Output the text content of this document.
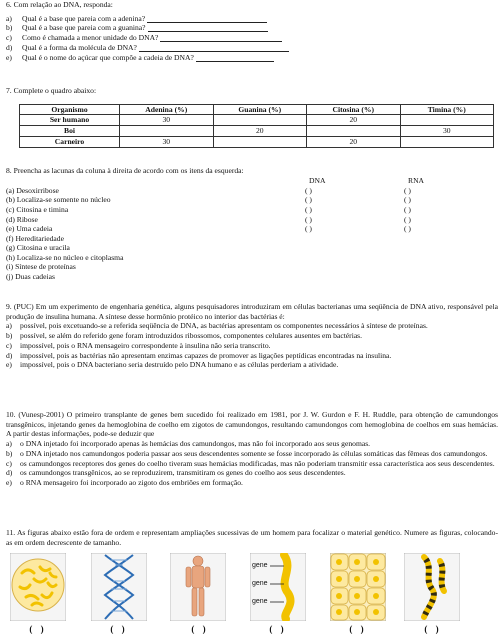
6. Com relação ao DNA, responda:

a)	Qual é a base que pareia com a adenina?
b)	Qual é a base que pareia com a guanina?
c)	Como é chamada a menor unidade do DNA?
d)	Qual é a forma da molécula de DNA?
e)	Qual é o nome do açúcar que compõe a cadeia de DNA?

7. Complete o quadro abaixo:

Organismo	Adenina (%)	Guanina (%)	Citosina (%)	Timina (%)
Ser humano	30		20	
Boi		20		30
Carneiro	30		20	

8. Preencha as lacunas da coluna à direita de acordo com os itens da esquerda:

DNA	RNA
(a) Desoxirribose	( )	( )
(b) Localiza-se somente no núcleo	( )	( )
(c) Citosina e timina	( )	( )
(d) Ribose	( )	( )
(e) Uma cadeia	( )	( )
(f) Hereditariedade
(g) Citosina e uracila
(h) Localiza-se no núcleo e citoplasma
(i) Síntese de proteínas
(j) Duas cadeias

9. (PUC) Em um experimento de engenharia genética, alguns pesquisadores introduziram em células bacterianas uma seqüência de DNA ativo, responsável pela produção de insulina humana. A síntese desse hormônio protéico no interior das bactérias é:

a)	possível, pois excetuando-se a referida seqüência de DNA, as bactérias apresentam os componentes necessários à síntese de proteínas.
b)	possível, se além do referido gene foram introduzidos ribossomos, componentes celulares ausentes em bactérias.
c)	impossível, pois o RNA mensageiro correspondente à insulina não seria transcrito.
d)	impossível, pois as bactérias não apresentam enzimas capazes de promover as ligações peptídicas encontradas na insulina.
e)	impossível, pois o DNA bacteriano seria destruído pelo DNA humano e as células perderiam a atividade.

10. (Vunesp-2001) O primeiro transplante de genes bem sucedido foi realizado em 1981, por J. W. Gurdon e F. H. Ruddle, para obtenção de camundongos transgênicos, injetando genes da hemoglobina de coelho em zigotos de camundongos, resultando camundongos com hemoglobina de coelhos em suas hemácias. A partir destas informações, pode-se deduzir que

a)	o DNA injetado foi incorporado apenas às hemácias dos camundongos, mas não foi incorporado aos seus genomas.
b)	o DNA injetado nos camundongos poderia passar aos seus descendentes somente se fosse incorporado às células somáticas das fêmeas dos camundongos.
c)	os camundongos receptores dos genes do coelho tiveram suas hemácias modificadas, mas não poderiam transmitir essa característica aos seus descendentes.
d)	os camundongos transgênicos, ao se reproduzirem, transmitiram os genes do coelho aos seus descendentes.
e)	o RNA mensageiro foi incorporado ao zigoto dos embriões em formação.

11. As figuras abaixo estão fora de ordem e representam ampliações sucessivas de um homem para focalizar o material genético. Numere as figuras, colocando-as em ordem decrescente de tamanho.

( )	( )	( )
gene
gene
gene
( )	( )	( )
